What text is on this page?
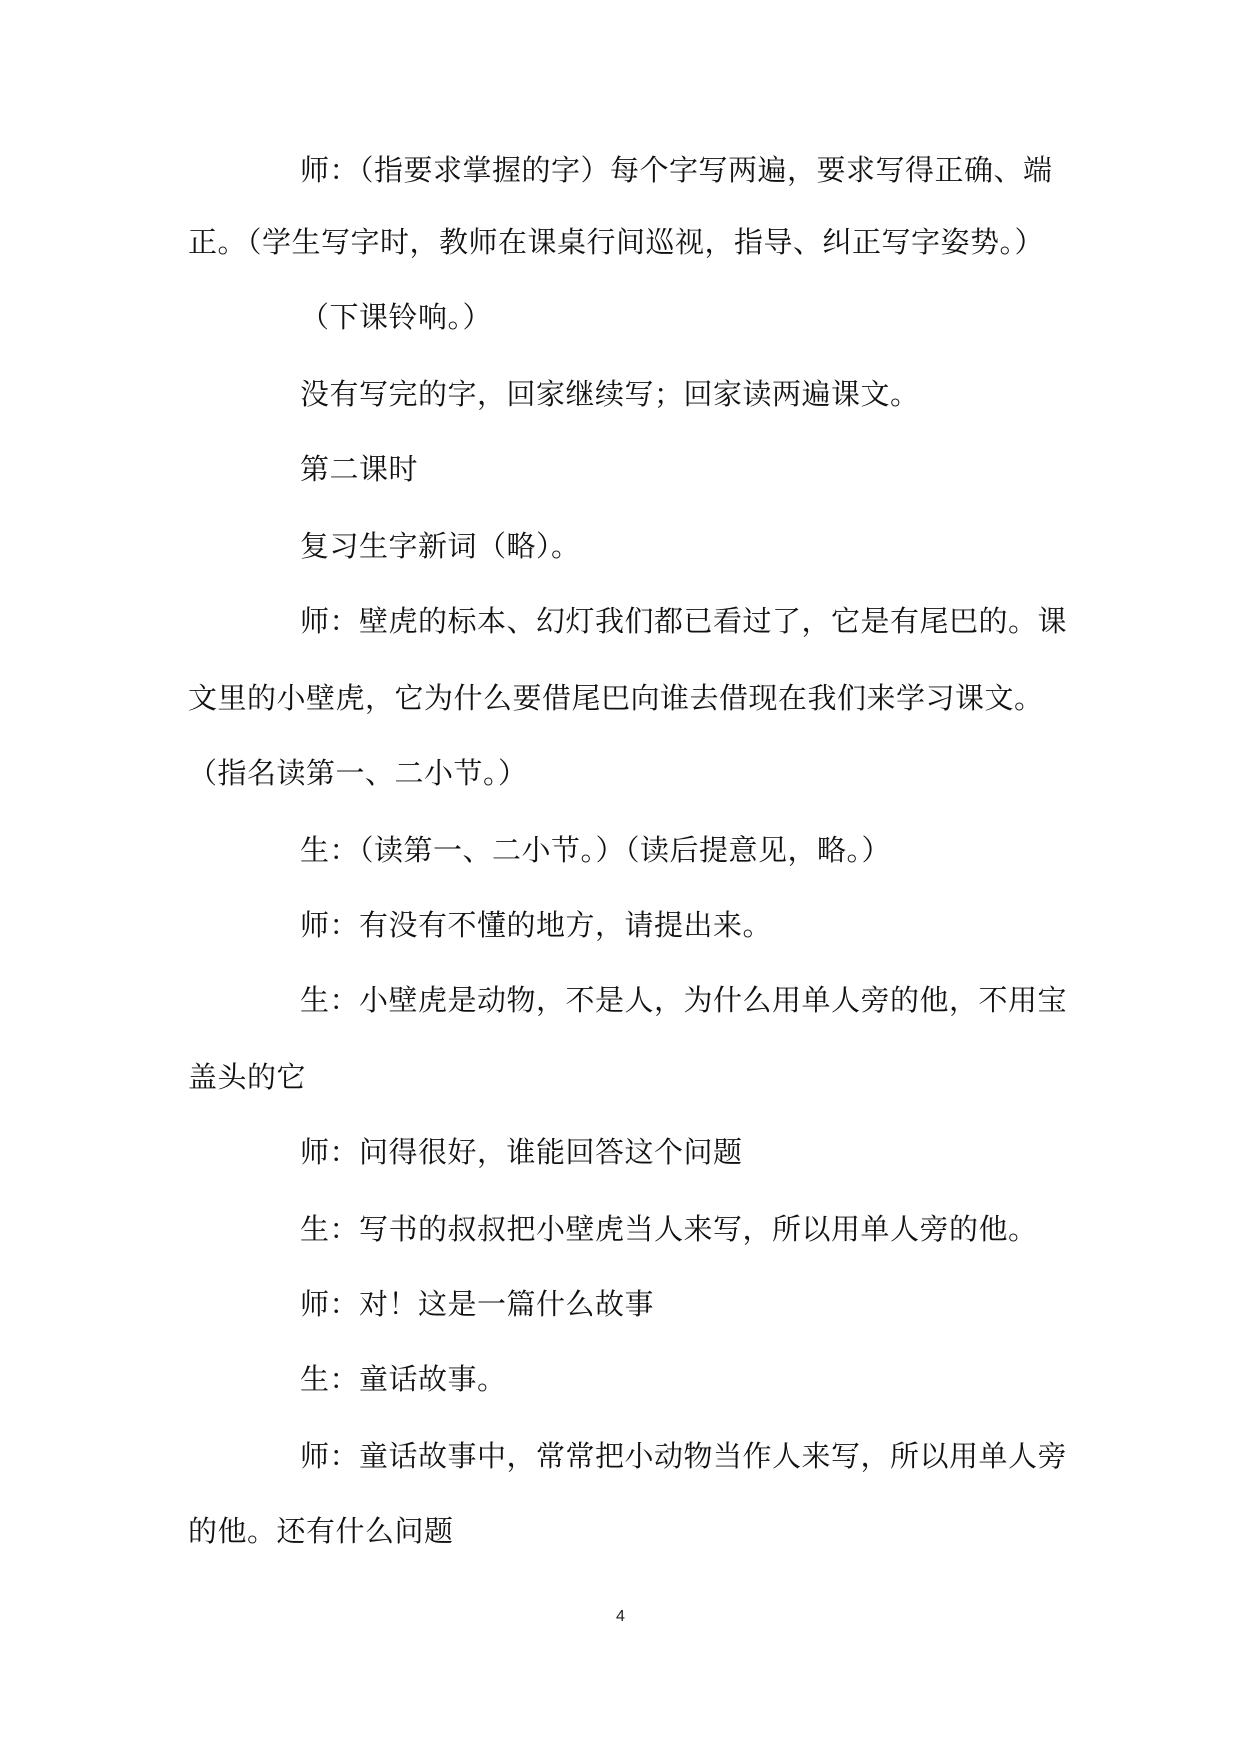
师：（指要求掌握的字）每个字写两遍，要求写得正确、端
正。（学生写字时，教师在课桌行间巡视，指导、纠正写字姿势。）
（下课铃响。）
没有写完的字，回家继续写；回家读两遍课文。
第二课时
复习生字新词（略）。
师：壁虎的标本、幻灯我们都已看过了，它是有尾巴的。课
文里的小壁虎，它为什么要借尾巴向谁去借现在我们来学习课文。
（指名读第一、二小节。）
生：（读第一、二小节。）（读后提意见，略。）
师：有没有不懂的地方，请提出来。
生：小壁虎是动物，不是人，为什么用单人旁的他，不用宝
盖头的它
师：问得很好，谁能回答这个问题
生：写书的叔叔把小壁虎当人来写，所以用单人旁的他。
师：对！这是一篇什么故事
生：童话故事。
师：童话故事中，常常把小动物当作人来写，所以用单人旁
的他。还有什么问题
4
